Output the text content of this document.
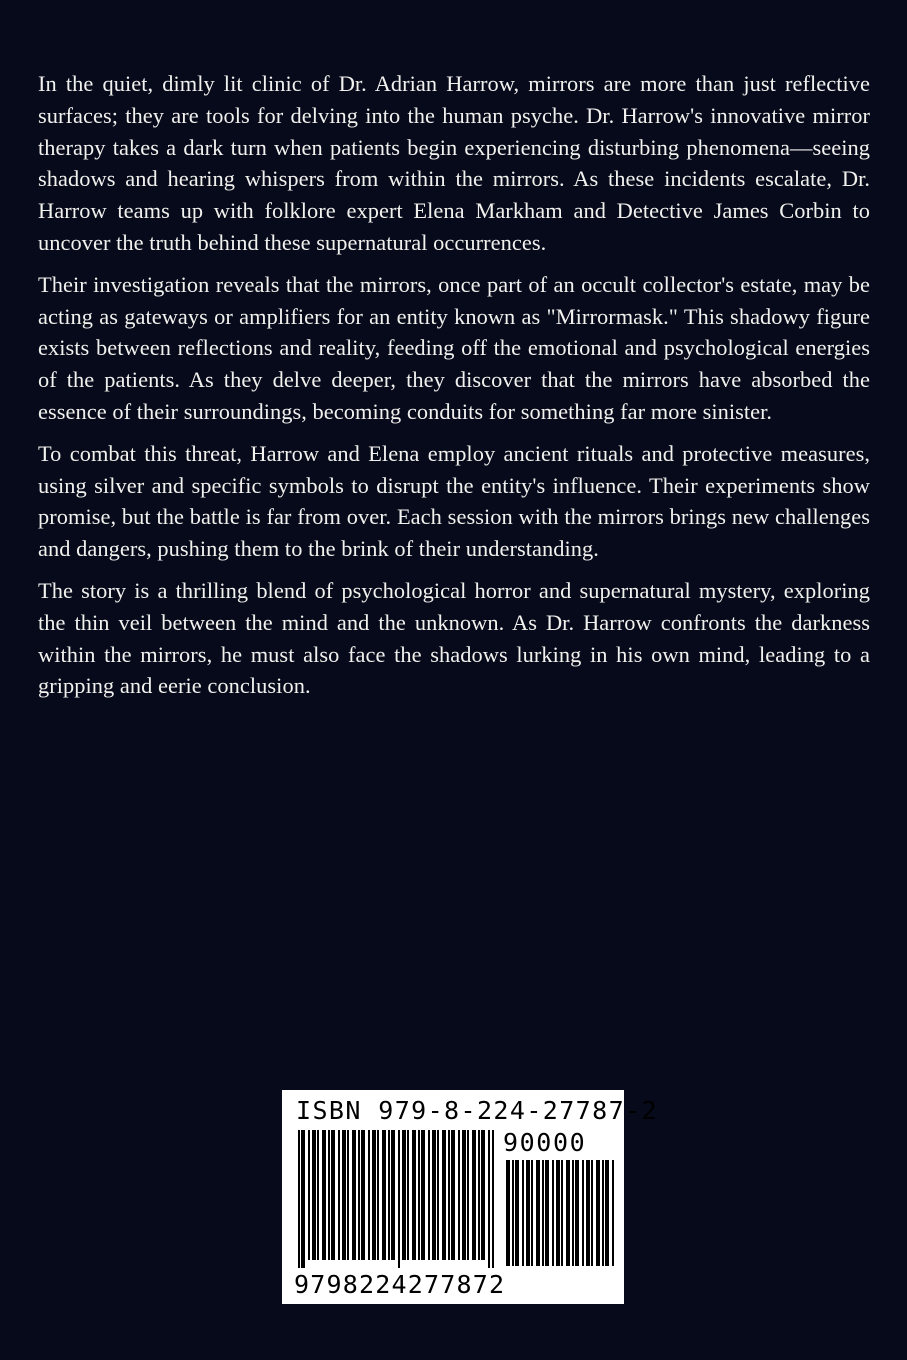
In the quiet, dimly lit clinic of Dr. Adrian Harrow, mirrors are more than just reflective surfaces; they are tools for delving into the human psyche. Dr. Harrow's innovative mirror therapy takes a dark turn when patients begin experiencing disturbing phenomena—seeing shadows and hearing whispers from within the mirrors. As these incidents escalate, Dr. Harrow teams up with folklore expert Elena Markham and Detective James Corbin to uncover the truth behind these supernatural occurrences.

Their investigation reveals that the mirrors, once part of an occult collector's estate, may be acting as gateways or amplifiers for an entity known as "Mirrormask." This shadowy figure exists between reflections and reality, feeding off the emotional and psychological energies of the patients. As they delve deeper, they discover that the mirrors have absorbed the essence of their surroundings, becoming conduits for something far more sinister.

To combat this threat, Harrow and Elena employ ancient rituals and protective measures, using silver and specific symbols to disrupt the entity's influence. Their experiments show promise, but the battle is far from over. Each session with the mirrors brings new challenges and dangers, pushing them to the brink of their understanding.

The story is a thrilling blend of psychological horror and supernatural mystery, exploring the thin veil between the mind and the unknown. As Dr. Harrow confronts the darkness within the mirrors, he must also face the shadows lurking in his own mind, leading to a gripping and eerie conclusion.

ISBN 979-8-224-27787-2
90000
9798224277872
